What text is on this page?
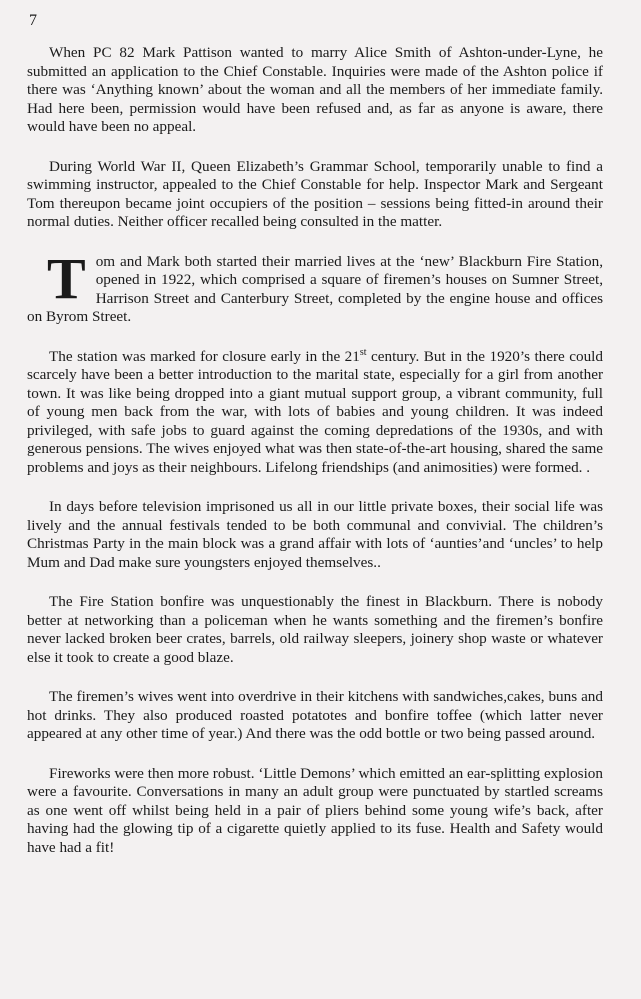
7

When PC 82 Mark Pattison wanted to marry Alice Smith of Ashton-under-Lyne, he submitted an application to the Chief Constable. Inquiries were made of the Ashton police if there was ‘Anything known’ about the woman and all the members of her immediate family. Had here been, permission would have been refused and, as far as anyone is aware, there would have been no appeal.

During World War II, Queen Elizabeth’s Grammar School, temporarily unable to find a swimming instructor, appealed to the Chief Constable for help. Inspector Mark and Sergeant Tom thereupon became joint occupiers of the position – sessions being fitted-in around their normal duties. Neither officer recalled being consulted in the matter.

Tom and Mark both started their married lives at the ‘new’ Blackburn Fire Station, opened in 1922, which comprised a square of firemen’s houses on Sumner Street, Harrison Street and Canterbury Street, completed by the engine house and offices on Byrom Street.

The station was marked for closure early in the 21st century. But in the 1920’s there could scarcely have been a better introduction to the marital state, especially for a girl from another town. It was like being dropped into a giant mutual support group, a vibrant community, full of young men back from the war, with lots of babies and young children. It was indeed privileged, with safe jobs to guard against the coming depredations of the 1930s, and with generous pensions. The wives enjoyed what was then state-of-the-art housing, shared the same problems and joys as their neighbours. Lifelong friendships (and animosities) were formed. .

In days before television imprisoned us all in our little private boxes, their social life was lively and the annual festivals tended to be both communal and convivial. The children’s Christmas Party in the main block was a grand affair with lots of ‘aunties’and ‘uncles’ to help Mum and Dad make sure youngsters enjoyed themselves..

The Fire Station bonfire was unquestionably the finest in Blackburn. There is nobody better at networking than a policeman when he wants something and the firemen’s bonfire never lacked broken beer crates, barrels, old railway sleepers, joinery shop waste or whatever else it took to create a good blaze.

The firemen’s wives went into overdrive in their kitchens with sandwiches,cakes, buns and hot drinks. They also produced roasted potatotes and bonfire toffee (which latter never appeared at any other time of year.) And there was the odd bottle or two being passed around.

Fireworks were then more robust. ‘Little Demons’ which emitted an ear-splitting explosion were a favourite. Conversations in many an adult group were punctuated by startled screams as one went off whilst being held in a pair of pliers behind some young wife’s back, after having had the glowing tip of a cigarette quietly applied to its fuse. Health and Safety would have had a fit!
